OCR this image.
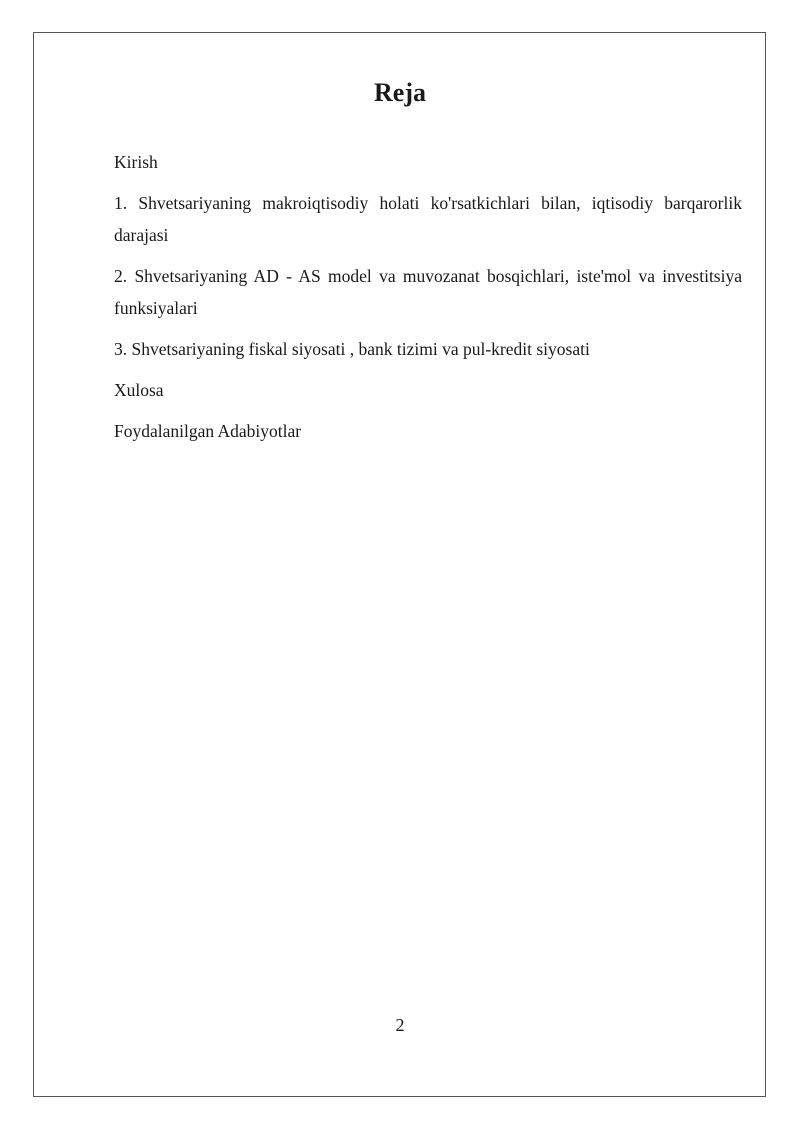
Reja
Kirish
1. Shvetsariyaning makroiqtisodiy holati ko'rsatkichlari bilan, iqtisodiy barqarorlik darajasi
2. Shvetsariyaning AD - AS model va muvozanat bosqichlari, iste'mol va investitsiya funksiyalari
3. Shvetsariyaning fiskal siyosati , bank tizimi va pul-kredit siyosati
Xulosa
Foydalanilgan Adabiyotlar
2
